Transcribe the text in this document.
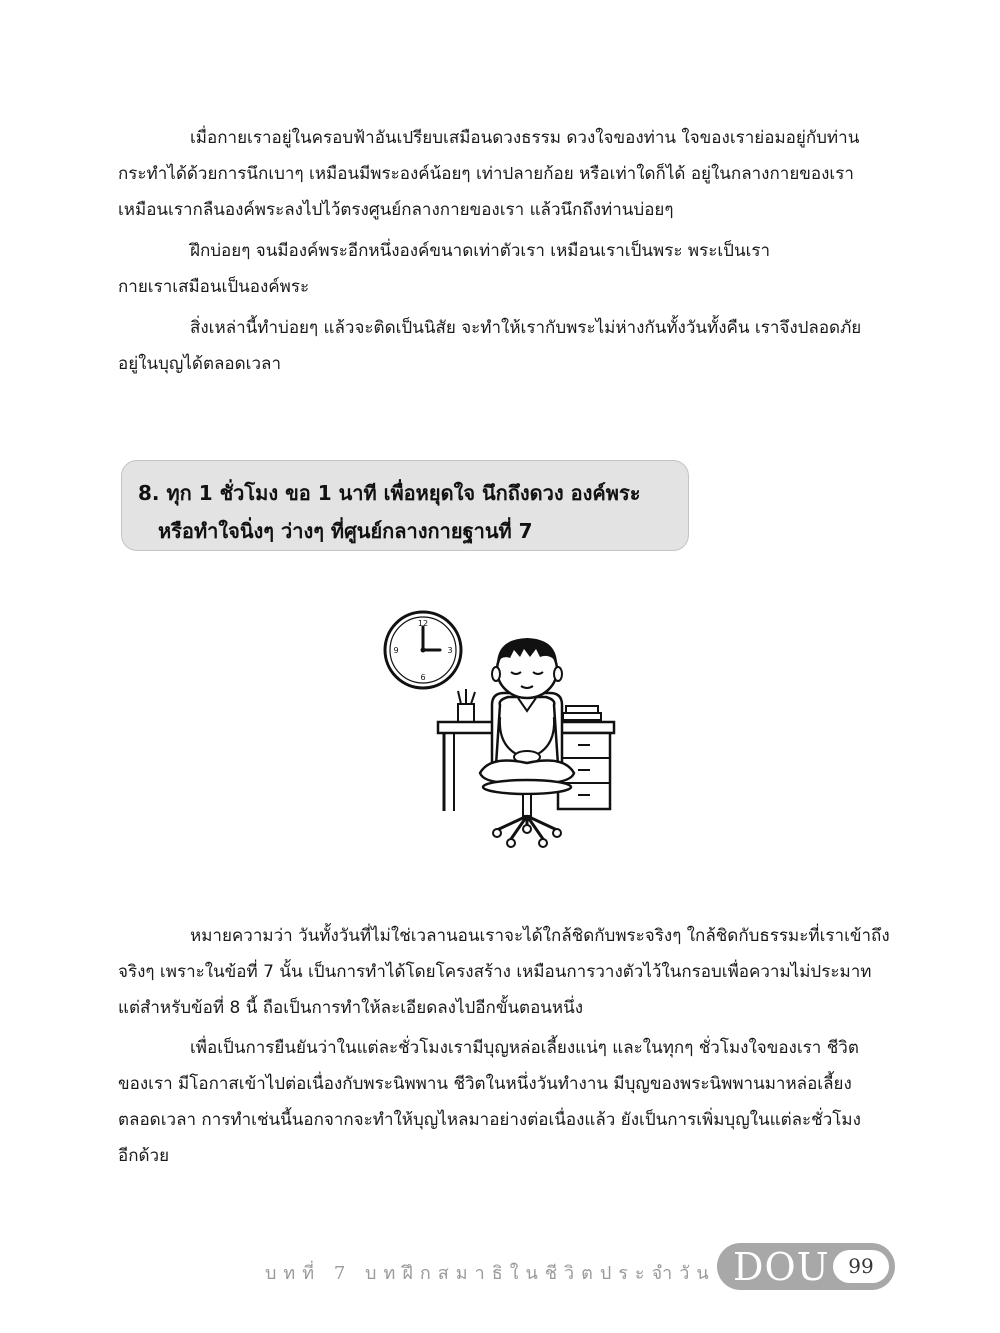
เมื่อกายเราอยู่ในครอบฟ้าอันเปรียบเสมือนดวงธรรม ดวงใจของท่าน ใจของเราย่อมอยู่กับท่าน
กระทำได้ด้วยการนึกเบาๆ เหมือนมีพระองค์น้อยๆ เท่าปลายก้อย หรือเท่าใดก็ได้ อยู่ในกลางกายของเรา
เหมือนเรากลืนองค์พระลงไปไว้ตรงศูนย์กลางกายของเรา แล้วนึกถึงท่านบ่อยๆ

ฝึกบ่อยๆ จนมีองค์พระอีกหนึ่งองค์ขนาดเท่าตัวเรา เหมือนเราเป็นพระ พระเป็นเรา
กายเราเสมือนเป็นองค์พระ

สิ่งเหล่านี้ทำบ่อยๆ แล้วจะติดเป็นนิสัย จะทำให้เรากับพระไม่ห่างกันทั้งวันทั้งคืน เราจึงปลอดภัย
อยู่ในบุญได้ตลอดเวลา

8. ทุก 1 ชั่วโมง ขอ 1 นาที เพื่อหยุดใจ นึกถึงดวง องค์พระ
หรือทำใจนิ่งๆ ว่างๆ ที่ศูนย์กลางกายฐานที่ 7
12
3
6
9

หมายความว่า วันทั้งวันที่ไม่ใช่เวลานอนเราจะได้ใกล้ชิดกับพระจริงๆ ใกล้ชิดกับธรรมะที่เราเข้าถึง
จริงๆ เพราะในข้อที่ 7 นั้น เป็นการทำได้โดยโครงสร้าง เหมือนการวางตัวไว้ในกรอบเพื่อความไม่ประมาท
แต่สำหรับข้อที่ 8 นี้ ถือเป็นการทำให้ละเอียดลงไปอีกขั้นตอนหนึ่ง

เพื่อเป็นการยืนยันว่าในแต่ละชั่วโมงเรามีบุญหล่อเลี้ยงแน่ๆ และในทุกๆ ชั่วโมงใจของเรา ชีวิต
ของเรา มีโอกาสเข้าไปต่อเนื่องกับพระนิพพาน ชีวิตในหนึ่งวันทำงาน มีบุญของพระนิพพานมาหล่อเลี้ยง
ตลอดเวลา การทำเช่นนี้นอกจากจะทำให้บุญไหลมาอย่างต่อเนื่องแล้ว ยังเป็นการเพิ่มบุญในแต่ละชั่วโมง
อีกด้วย

บทที่ 7 บทฝึกสมาธิในชีวิตประจำวัน DOU 99
